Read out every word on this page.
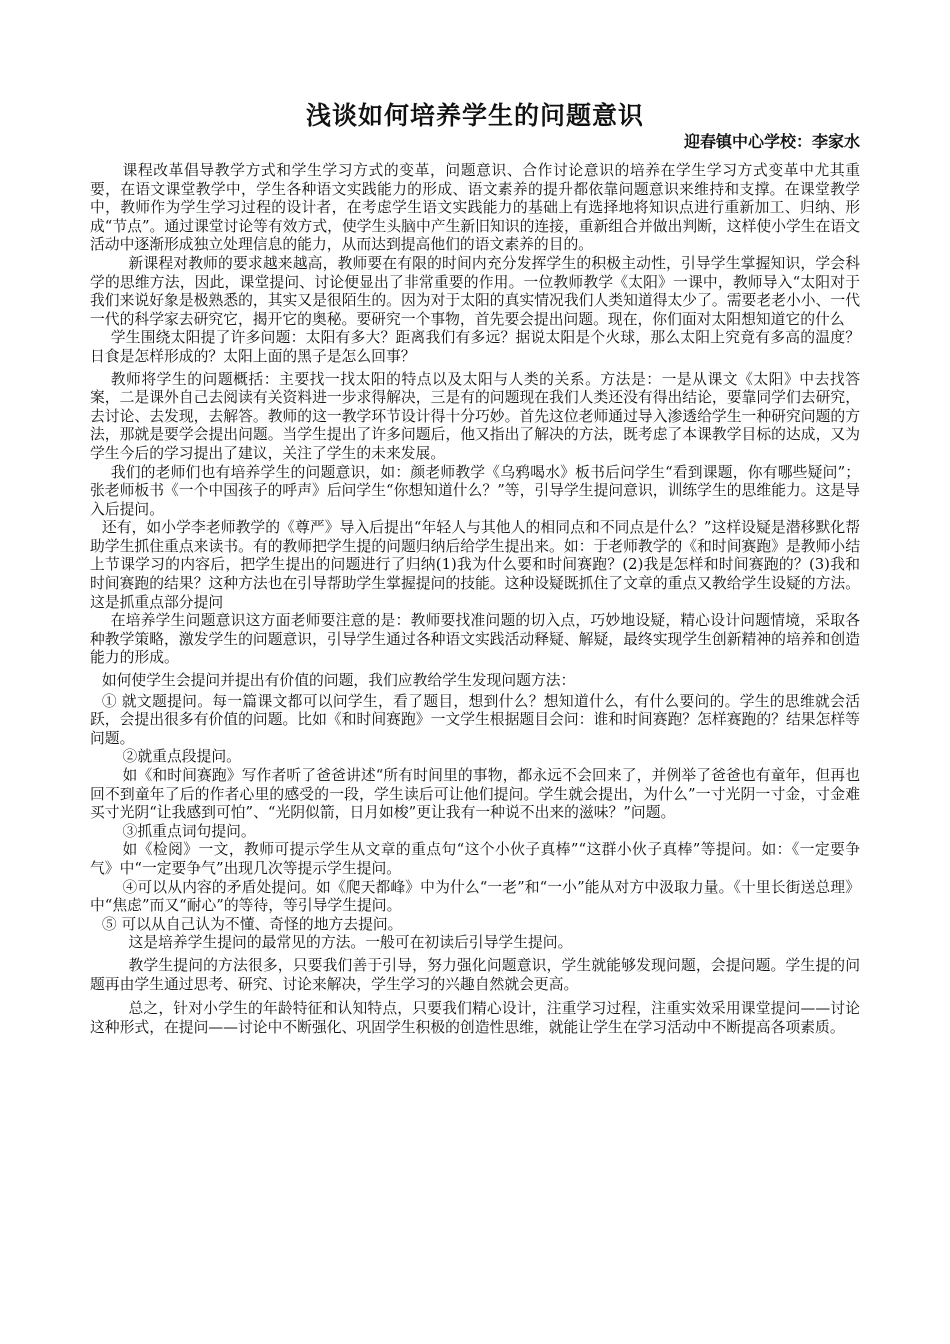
浅谈如何培养学生的问题意识
迎春镇中心学校：李家水

课程改革倡导教学方式和学生学习方式的变革，问题意识、合作讨论意识的培养在学生学习方式变革中尤其重要，在语文课堂教学中，学生各种语文实践能力的形成、语文素养的提升都依靠问题意识来维持和支撑。在课堂教学中，教师作为学生学习过程的设计者，在考虑学生语文实践能力的基础上有选择地将知识点进行重新加工、归纳、形成“节点”。通过课堂讨论等有效方式，使学生头脑中产生新旧知识的连接，重新组合并做出判断，这样使小学生在语文活动中逐渐形成独立处理信息的能力，从而达到提高他们的语文素养的目的。

新课程对教师的要求越来越高，教师要在有限的时间内充分发挥学生的积极主动性，引导学生掌握知识，学会科学的思维方法，因此，课堂提问、讨论便显出了非常重要的作用。一位教师教学《太阳》一课中，教师导入“太阳对于我们来说好象是极熟悉的，其实又是很陌生的。因为对于太阳的真实情况我们人类知道得太少了。需要老老小小、一代一代的科学家去研究它，揭开它的奥秘。要研究一个事物，首先要会提出问题。现在，你们面对太阳想知道它的什么

学生围绕太阳提了许多问题：太阳有多大？距离我们有多远？据说太阳是个火球，那么太阳上究竟有多高的温度？日食是怎样形成的？太阳上面的黑子是怎么回事？

教师将学生的问题概括：主要找一找太阳的特点以及太阳与人类的关系。方法是：一是从课文《太阳》中去找答案，二是课外自己去阅读有关资料进一步求得解决，三是有的问题现在我们人类还没有得出结论，要靠同学们去研究，去讨论、去发现，去解答。教师的这一教学环节设计得十分巧妙。首先这位老师通过导入渗透给学生一种研究问题的方法，那就是要学会提出问题。当学生提出了许多问题后，他又指出了解决的方法，既考虑了本课教学目标的达成，又为学生今后的学习提出了建议，关注了学生的未来发展。

我们的老师们也有培养学生的问题意识，如：颜老师教学《乌鸦喝水》板书后问学生“看到课题，你有哪些疑问”；张老师板书《一个中国孩子的呼声》后问学生“你想知道什么？”等，引导学生提问意识，训练学生的思维能力。这是导入后提问。

还有，如小学李老师教学的《尊严》导入后提出“年轻人与其他人的相同点和不同点是什么？”这样设疑是潜移默化帮助学生抓住重点来读书。有的教师把学生提的问题归纳后给学生提出来。如：于老师教学的《和时间赛跑》是教师小结上节课学习的内容后，把学生提出的问题进行了归纳(1)我为什么要和时间赛跑？(2)我是怎样和时间赛跑的？(3)我和时间赛跑的结果？这种方法也在引导帮助学生掌握提问的技能。这种设疑既抓住了文章的重点又教给学生设疑的方法。这是抓重点部分提问

在培养学生问题意识这方面老师要注意的是：教师要找准问题的切入点，巧妙地设疑，精心设计问题情境，采取各种教学策略，激发学生的问题意识，引导学生通过各种语文实践活动释疑、解疑，最终实现学生创新精神的培养和创造能力的形成。

如何使学生会提问并提出有价值的问题，我们应教给学生发现问题方法：

① 就文题提问。每一篇课文都可以问学生，看了题目，想到什么？想知道什么，有什么要问的。学生的思维就会活跃，会提出很多有价值的问题。比如《和时间赛跑》一文学生根据题目会问：谁和时间赛跑？怎样赛跑的？结果怎样等问题。

②就重点段提问。

如《和时间赛跑》写作者听了爸爸讲述“所有时间里的事物，都永远不会回来了，并例举了爸爸也有童年，但再也回不到童年了后的作者心里的感受的一段，学生读后可让他们提问。学生就会提出，为什么”一寸光阴一寸金，寸金难买寸光阴“让我感到可怕”、“光阴似箭，日月如梭”更让我有一种说不出来的滋味？”问题。

③抓重点词句提问。

如《检阅》一文，教师可提示学生从文章的重点句“这个小伙子真棒”“这群小伙子真棒”等提问。如：《一定要争气》中“一定要争气”出现几次等提示学生提问。

④可以从内容的矛盾处提问。如《爬天都峰》中为什么“一老”和“一小”能从对方中汲取力量。《十里长街送总理》中“焦虑”而又“耐心”的等待，等引导学生提问。

⑤ 可以从自己认为不懂、奇怪的地方去提问。

这是培养学生提问的最常见的方法。一般可在初读后引导学生提问。

教学生提问的方法很多，只要我们善于引导，努力强化问题意识，学生就能够发现问题，会提问题。学生提的问题再由学生通过思考、研究、讨论来解决，学生学习的兴趣自然就会更高。

总之，针对小学生的年龄特征和认知特点，只要我们精心设计，注重学习过程，注重实效采用课堂提问——讨论这种形式，在提问——讨论中不断强化、巩固学生积极的创造性思维，就能让学生在学习活动中不断提高各项素质。
